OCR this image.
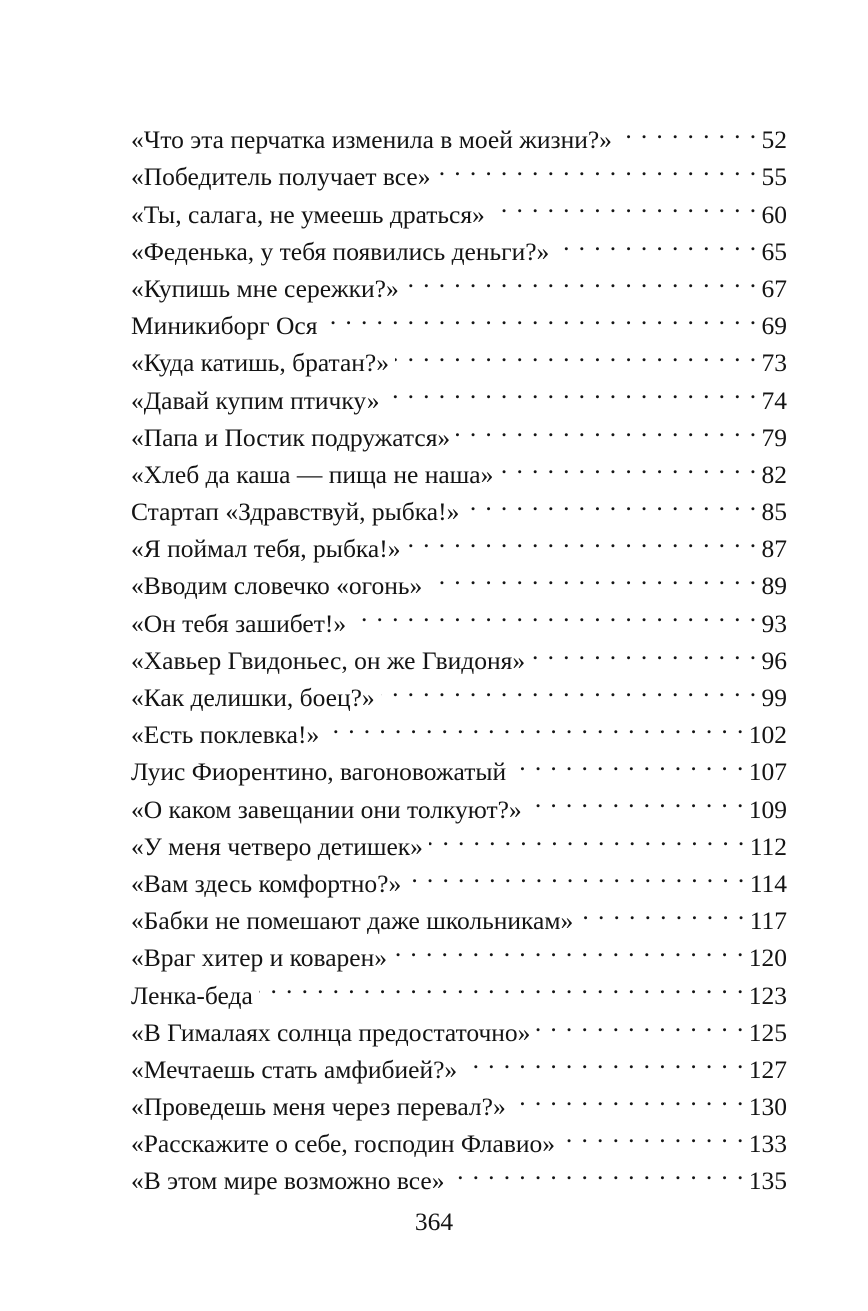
«Что эта перчатка изменила в моей жизни?» . . .	52
«Победитель получает все» . . .	55
«Ты, салага, не умеешь драться» . . .	60
«Феденька, у тебя появились деньги?» . . .	65
«Купишь мне сережки?» . . .	67
Миникиборг Ося . . .	69
«Куда катишь, братан?» . . .	73
«Давай купим птичку» . . .	74
«Папа и Постик подружатся» . . .	79
«Хлеб да каша — пища не наша» . . .	82
Стартап «Здравствуй, рыбка!» . . .	85
«Я поймал тебя, рыбка!» . . .	87
«Вводим словечко «огонь» . . .	89
«Он тебя зашибет!» . . .	93
«Хавьер Гвидоньес, он же Гвидоня» . . .	96
«Как делишки, боец?» . . .	99
«Есть поклевка!» . . .	102
Луис Фиорентино, вагоновожатый . . .	107
«О каком завещании они толкуют?» . . .	109
«У меня четверо детишек» . . .	112
«Вам здесь комфортно?» . . .	114
«Бабки не помешают даже школьникам» . . .	117
«Враг хитер и коварен» . . .	120
Ленка-беда . . .	123
«В Гималаях солнца предостаточно» . . .	125
«Мечтаешь стать амфибией?» . . .	127
«Проведешь меня через перевал?» . . .	130
«Расскажите о себе, господин Флавио» . . .	133
«В этом мире возможно все» . . .	135
364
